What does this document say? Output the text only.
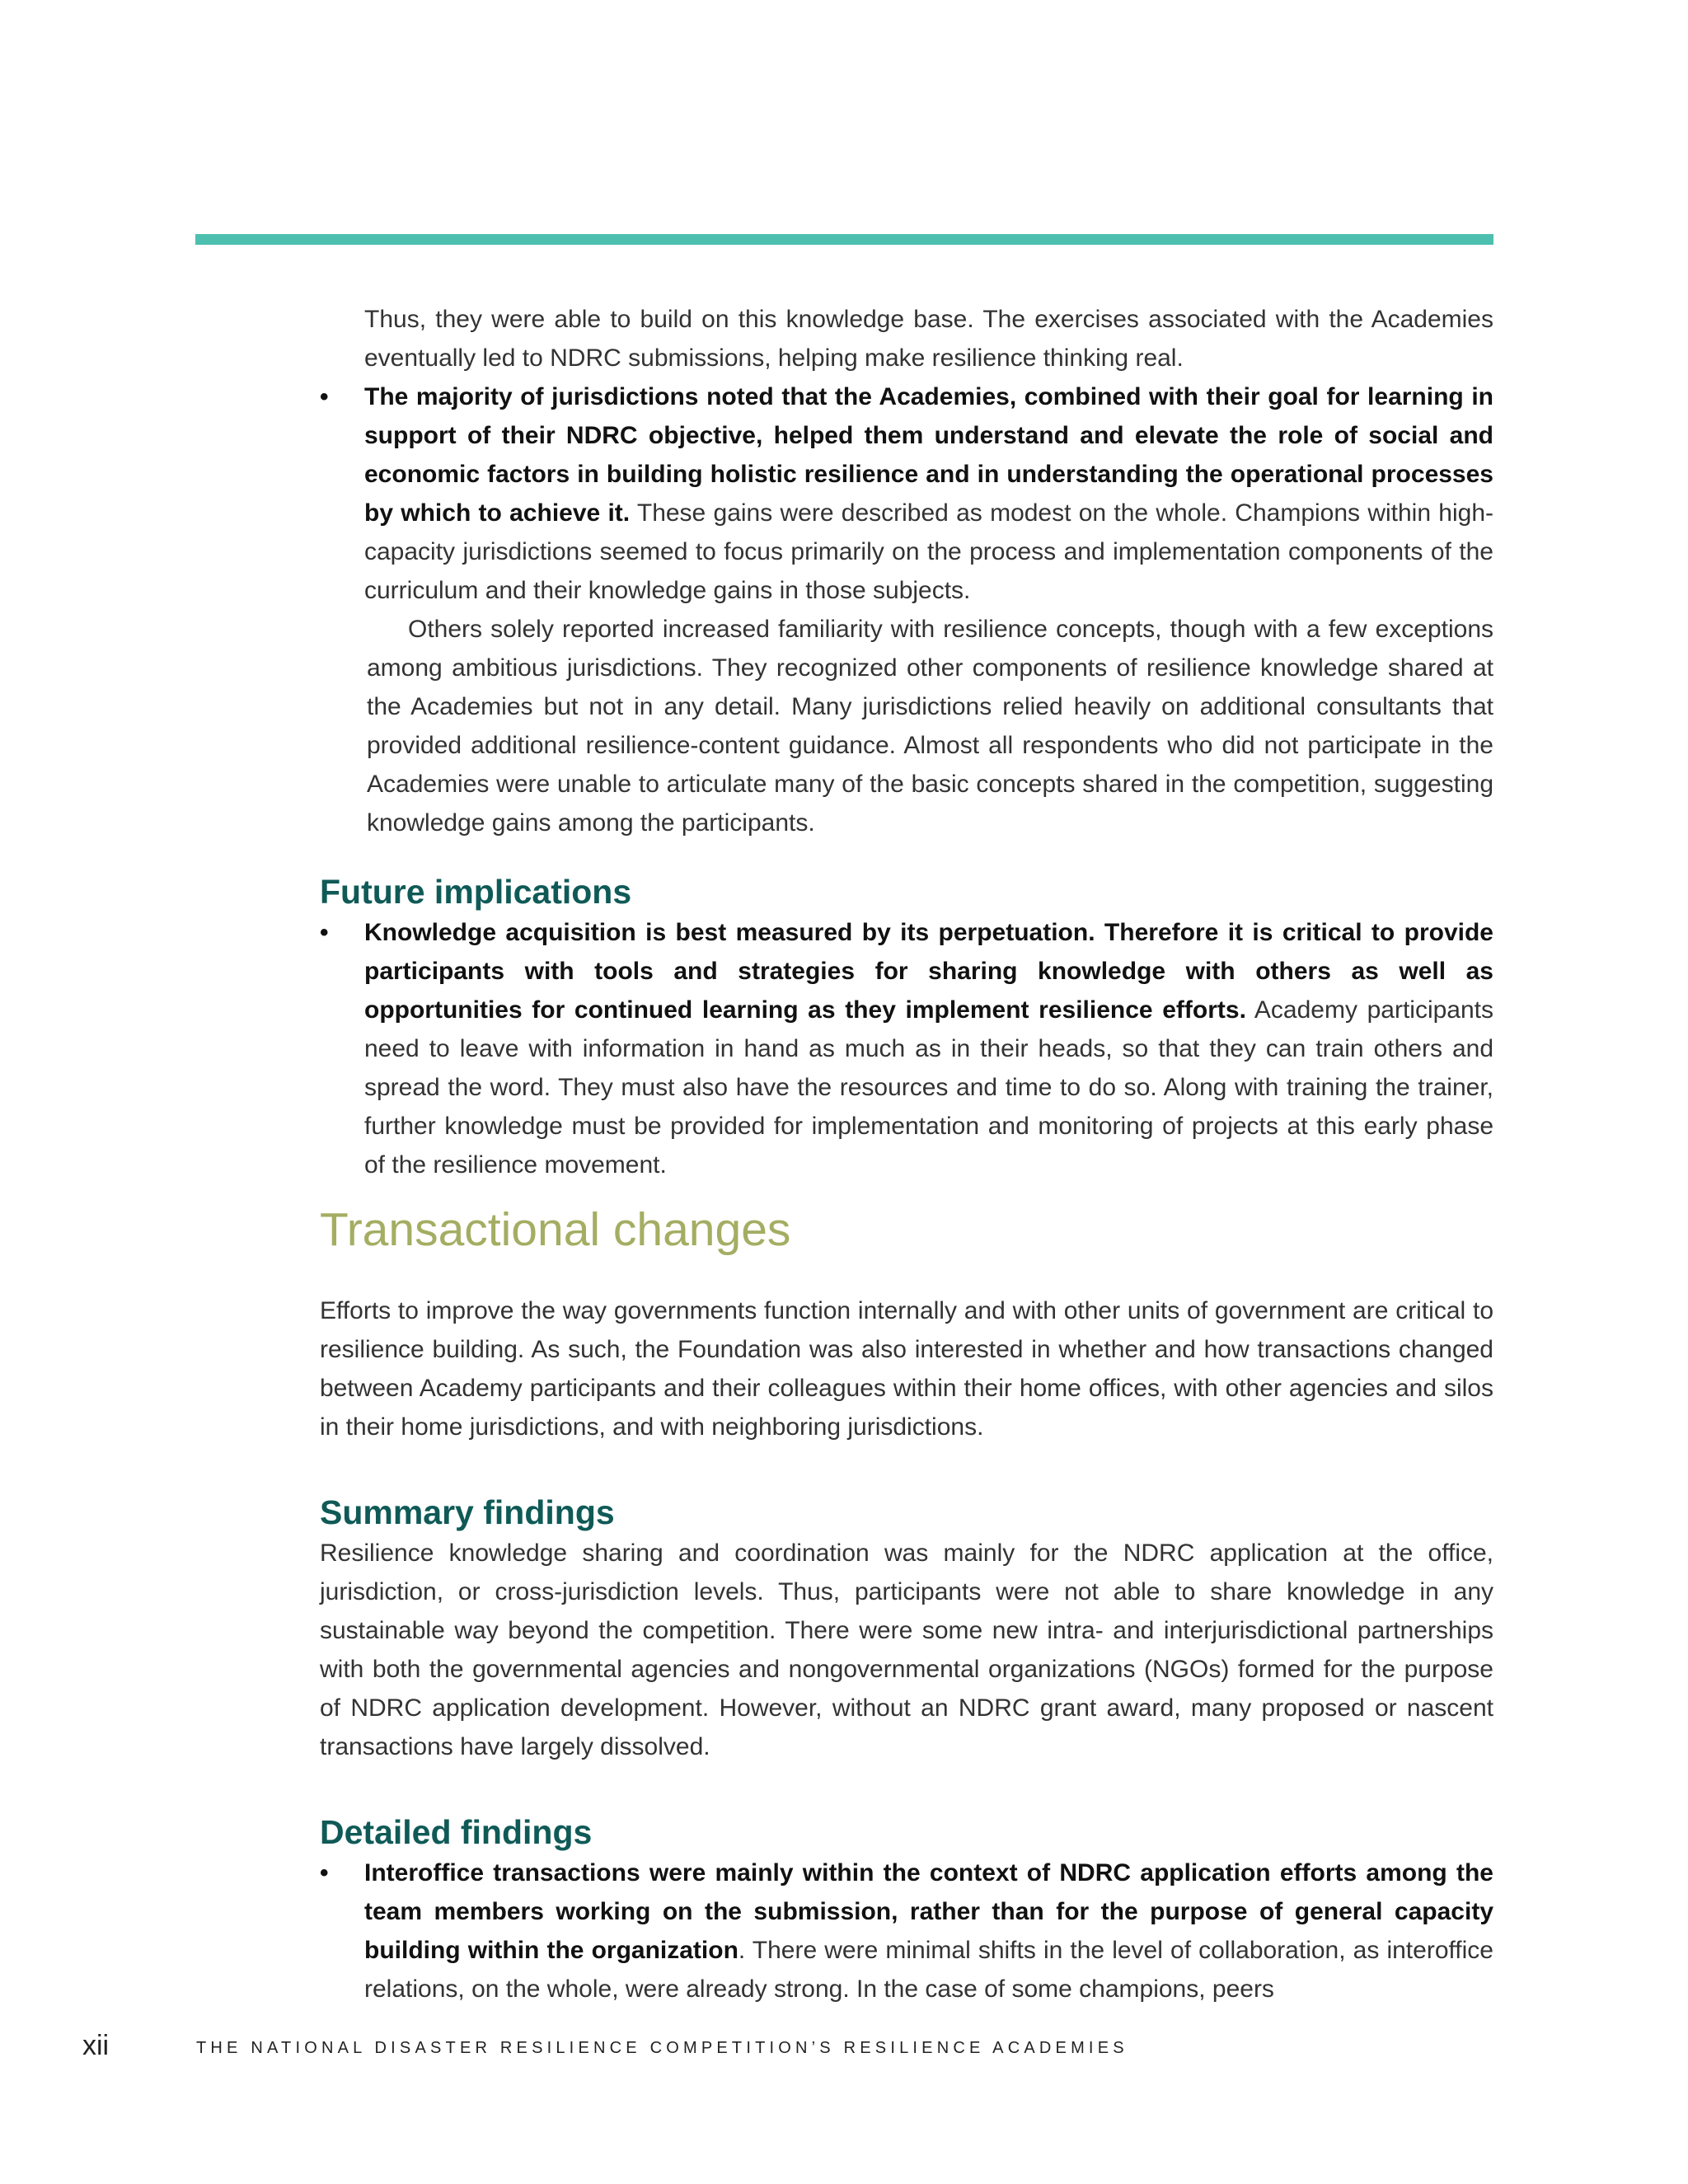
Thus, they were able to build on this knowledge base. The exercises associated with the Academies eventually led to NDRC submissions, helping make resilience thinking real.

• The majority of jurisdictions noted that the Academies, combined with their goal for learning in support of their NDRC objective, helped them understand and elevate the role of social and economic factors in building holistic resilience and in understanding the operational processes by which to achieve it. These gains were described as modest on the whole. Champions within high-capacity jurisdictions seemed to focus primarily on the process and implementation components of the curriculum and their knowledge gains in those subjects.

Others solely reported increased familiarity with resilience concepts, though with a few exceptions among ambitious jurisdictions. They recognized other components of resilience knowledge shared at the Academies but not in any detail. Many jurisdictions relied heavily on additional consultants that provided additional resilience-content guidance. Almost all respondents who did not participate in the Academies were unable to articulate many of the basic concepts shared in the competition, suggesting knowledge gains among the participants.

Future implications
• Knowledge acquisition is best measured by its perpetuation. Therefore it is critical to provide participants with tools and strategies for sharing knowledge with others as well as opportunities for continued learning as they implement resilience efforts. Academy participants need to leave with information in hand as much as in their heads, so that they can train others and spread the word. They must also have the resources and time to do so. Along with training the trainer, further knowledge must be provided for implementation and monitoring of projects at this early phase of the resilience movement.

Transactional changes

Efforts to improve the way governments function internally and with other units of government are critical to resilience building. As such, the Foundation was also interested in whether and how transactions changed between Academy participants and their colleagues within their home offices, with other agencies and silos in their home jurisdictions, and with neighboring jurisdictions.

Summary findings

Resilience knowledge sharing and coordination was mainly for the NDRC application at the office, jurisdiction, or cross-jurisdiction levels. Thus, participants were not able to share knowledge in any sustainable way beyond the competition. There were some new intra- and interjurisdictional partnerships with both the governmental agencies and nongovernmental organizations (NGOs) formed for the purpose of NDRC application development. However, without an NDRC grant award, many proposed or nascent transactions have largely dissolved.

Detailed findings
• Interoffice transactions were mainly within the context of NDRC application efforts among the team members working on the submission, rather than for the purpose of general capacity building within the organization. There were minimal shifts in the level of collaboration, as interoffice relations, on the whole, were already strong. In the case of some champions, peers

xii	THE NATIONAL DISASTER RESILIENCE COMPETITION’S RESILIENCE ACADEMIES
